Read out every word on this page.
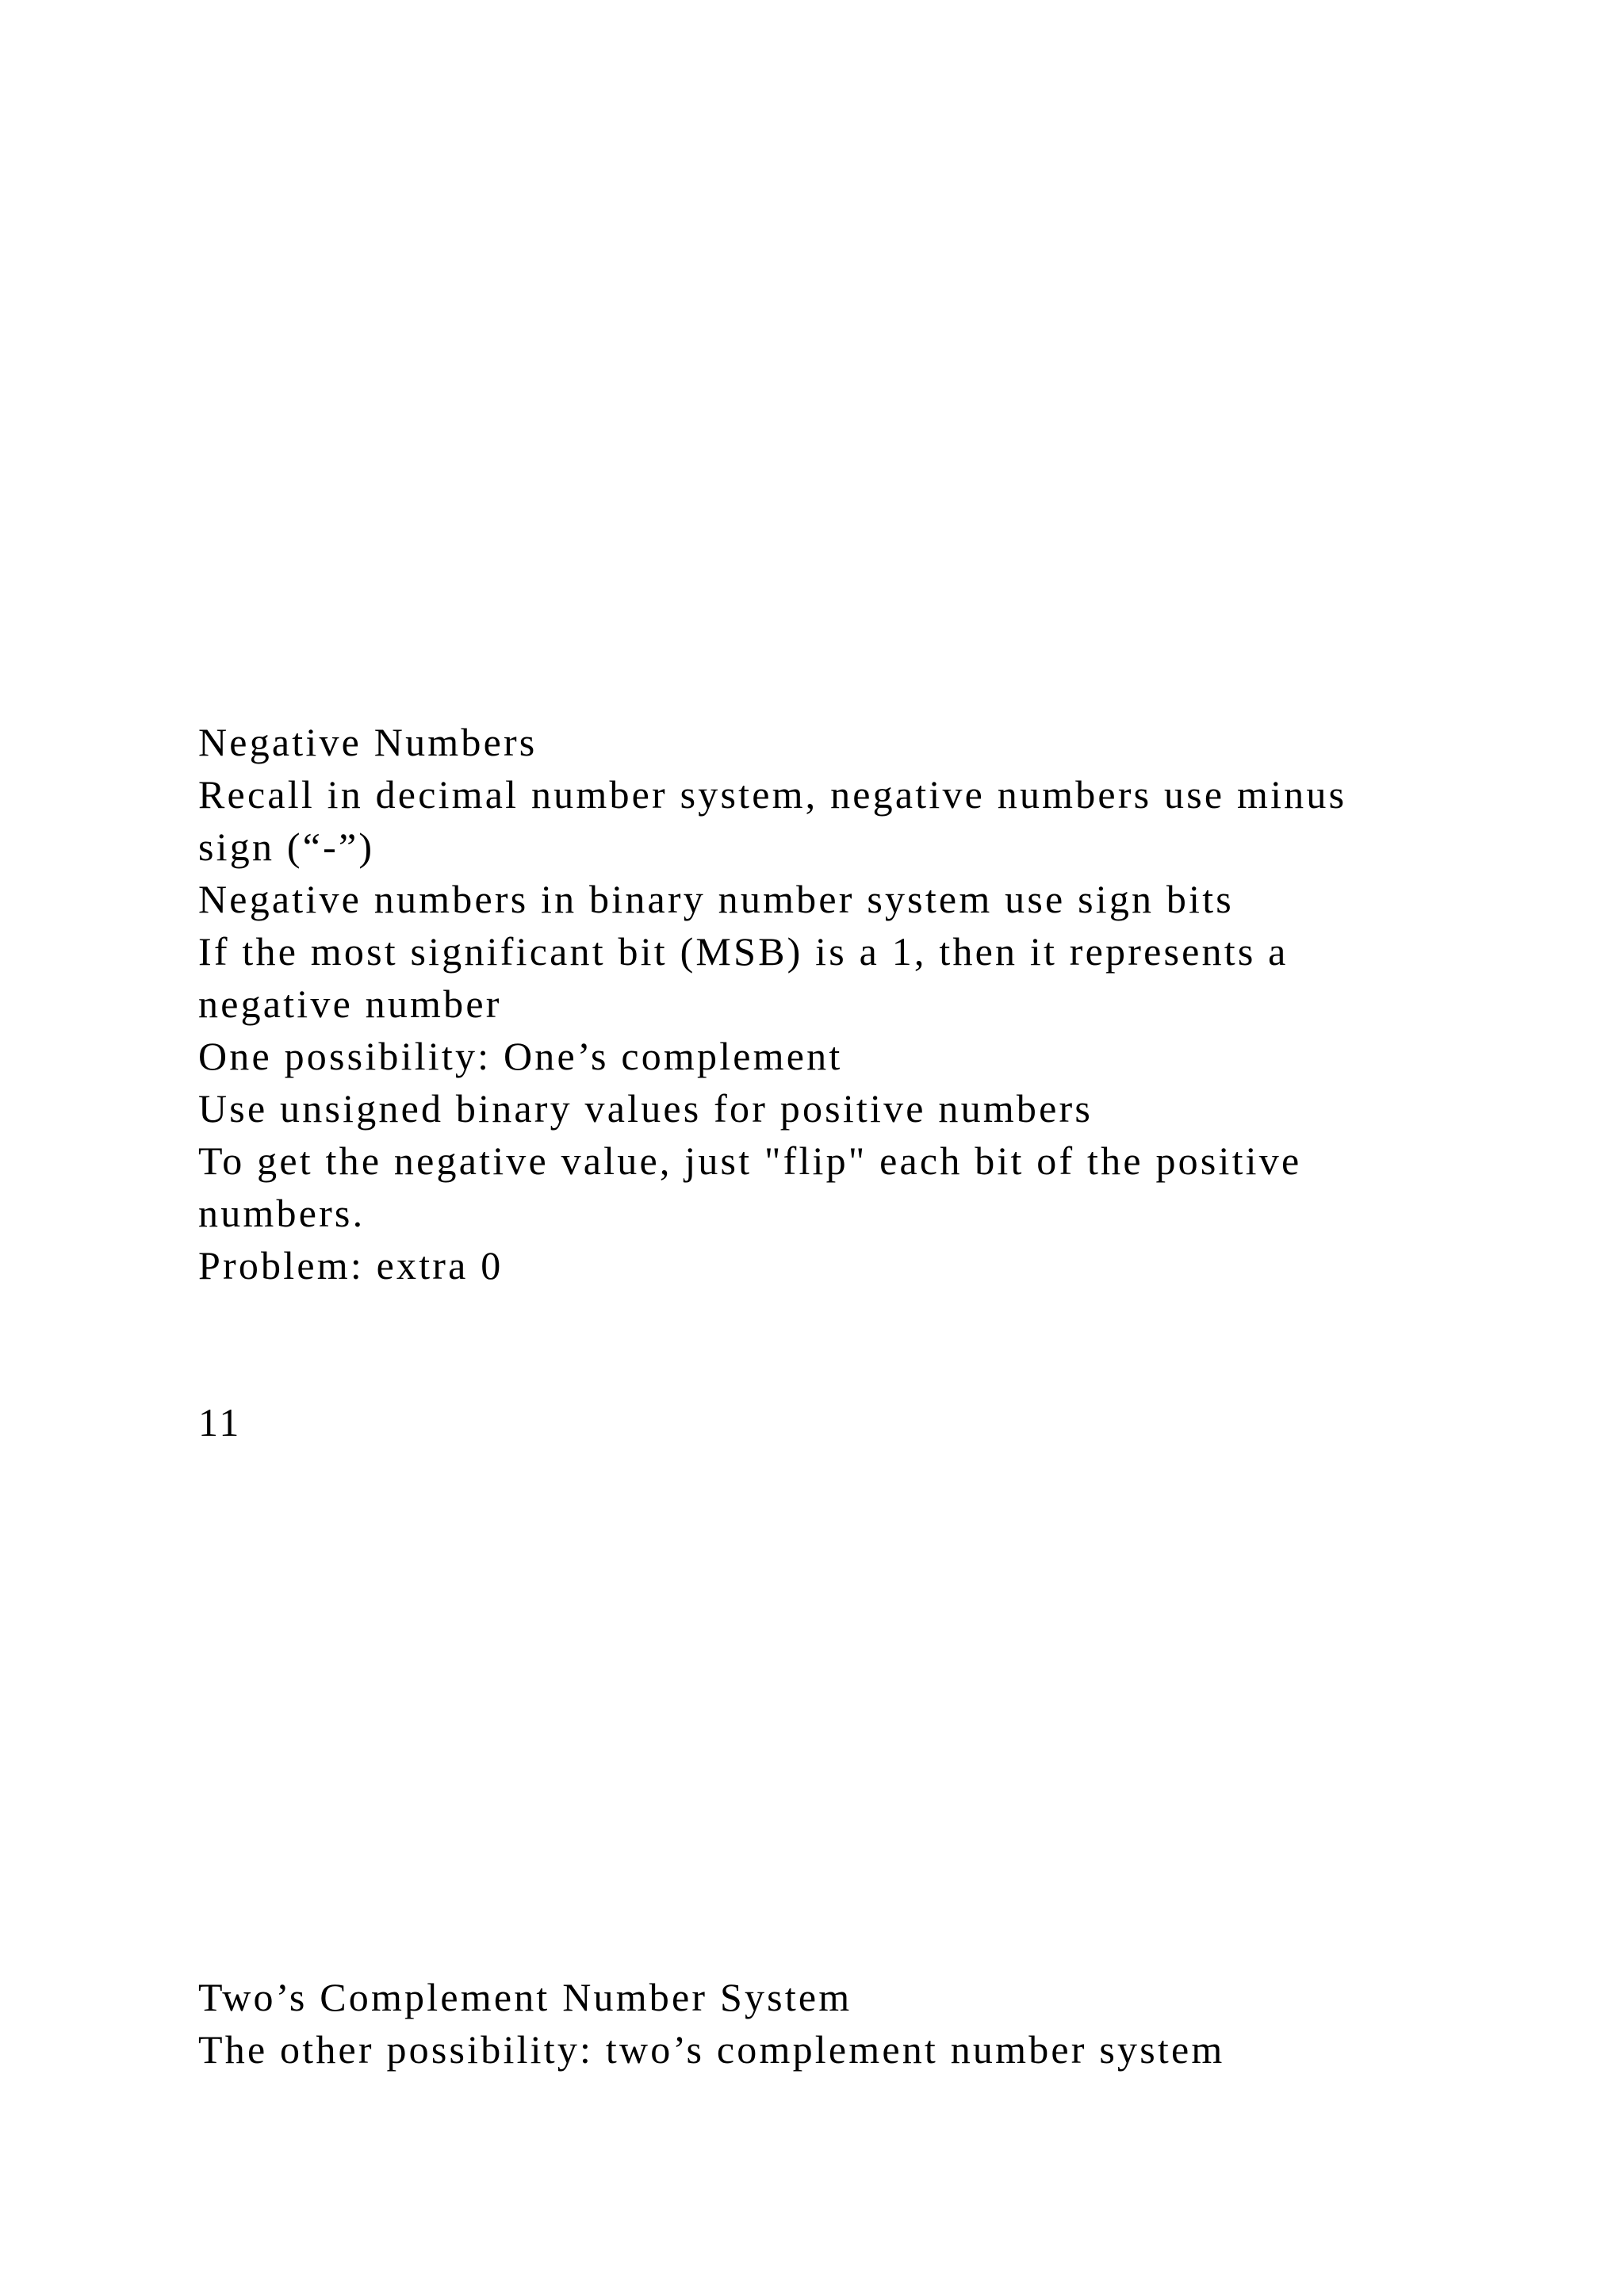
Negative Numbers
Recall in decimal number system, negative numbers use minus
sign (“-”)
Negative numbers in binary number system use sign bits
If the most significant bit (MSB) is a 1, then it represents a
negative number
One possibility: One’s complement
Use unsigned binary values for positive numbers
To get the negative value, just "flip" each bit of the positive
numbers.
Problem: extra 0
11
Two’s Complement Number System
The other possibility: two’s complement number system
